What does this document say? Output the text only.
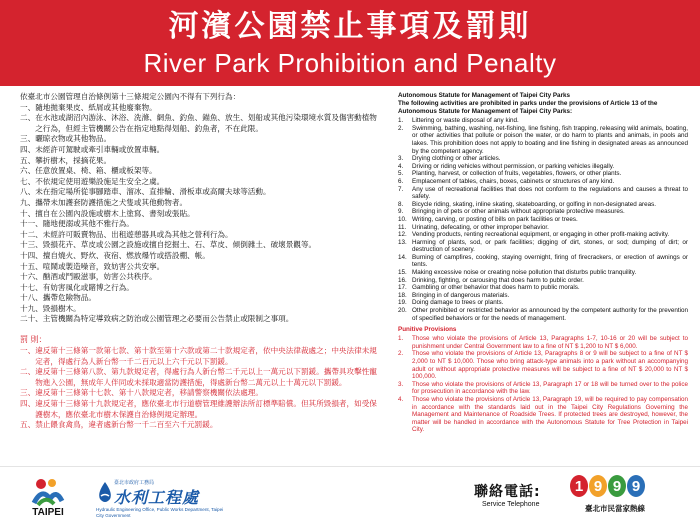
河濱公園禁止事項及罰則
River Park Prohibition and Penalty
依臺北市公園管理自治條例第十三條規定公園內不得有下列行為：
一、 隨地拋棄果皮、紙屑或其他廢棄物。
二、 在水池或湖沼內游泳、沐浴、洗滌、網魚、釣魚、錨魚、放生、划船或其他污染環境水質及傷害動植物之行為，但經主管機關公告在指定地點得划船、釣魚者，不在此限。
三、 曬晾衣物或其他物品。
四、 未經許可駕駛或牽引車輛或放置車輛。
五、 攀折樹木，採摘花果。
六、 任意放置桌、椅、箱、櫃或板架等。
七、 不依規定使用遊樂設施足生安全之虞。
八、 未在指定場所從事腳踏車、溜冰、直排輪、滑板車或高爾夫球等活動。
九、 攜帶未加護套防護措施之犬隻或其他動物者。
十、 擅自在公園內設施或樹木上塗寫、書刻或張貼。
十一、 隨地便溺或其他不雅行為。
十二、 未經許可販賣物品、出租遊憩器具或為其他之營利行為。
十三、 毀損花卉、草皮或公園之設施或擅自挖掘土、石、草皮、傾倒雜土、破壞景觀等。
十四、 擅自燒火、野炊、夜宿、燃放爆竹或搭設棚、帳。
十五、 喧鬧或製造噪音，致妨害公共安寧。
十六、 酗酒或鬥毆滋事，妨害公共秩序。
十七、 有妨害風化或賭博之行為。
十八、 攜帶危險物品。
十九、 毀損樹木。
二十、 主管機關為特定導致病之防治或公園管理之必要而公告禁止或限制之事項。
罰 則：
一、 違反第十三條第一款第七款、第十款至第十六款或第二十款規定者，依中央法律裁處之；中央法律未規定者，得處行為人新台幣一千二百元以上六千元以下罰鍰。
二、 違反第十三條第八款、第九款規定者，得處行為人新台幣二千元以上一萬元以下罰鍰。攜帶具攻擊性寵物進入公園，無成年人伴同或未採取適當防護措施，得處新台幣二萬元以上十萬元以下罰鍰。
三、 違反第十三條第十七款、第十八款規定者，移請警察機關依法處理。
四、 違反第十三條第十九款規定者，應依臺北市行道樹管理維護辦法所訂標準賠償。但其所毀損者，如受保護樹木，應依臺北市樹木保護自治條例規定辦理。
五、 禁止餵食禽鳥，違者處新台幣一千二百至六千元罰鍰。
Autonomous Statute for Management of Taipei City Parks
The following activities are prohibited in parks under the provisions of Article 13 of the Autonomous Statute for Management of Taipei City Parks:
1.	Littering or waste disposal of any kind.
2.	Swimming, bathing, washing, net-fishing, line fishing, fish trapping, releasing wild animals, boating, or other activities that pollute or poison the water, or do harm to plants and animals, in pools and lakes. This prohibition does not apply to boating and line fishing in designated areas as announced by the competent agency.
3.	Drying clothing or other articles.
4.	Driving or riding vehicles without permission, or parking vehicles illegally.
5.	Planting, harvest, or collection of fruits, vegetables, flowers, or other plants.
6.	Emplacement of tables, chairs, boxes, cabinets or structures of any kind.
7.	Any use of recreational facilities that does not conform to the regulations and causes a threat to safety.
8.	Bicycle riding, skating, inline skating, skateboarding, or golfing in non-designated areas.
9.	Bringing in of pets or other animals without appropriate protective measures.
10. Writing, carving, or posting of bills on park facilities or trees.
11. Urinating, defecating, or other improper behavior.
12. Vending products, renting recreational equipment, or engaging in other profit-making activity.
13. Harming of plants, sod, or park facilities; digging of dirt, stones, or sod; dumping of dirt; or destruction of scenery.
14. Burning of campfires, cooking, staying overnight, firing of firecrackers, or erection of awnings or tents.
15. Making excessive noise or creating noise pollution that disturbs public tranquility.
16. Drinking, fighting, or carousing that does harm to public order.
17. Gambling or other behavior that does harm to public morals.
18. Bringing in of dangerous materials.
19. Doing damage to trees or plants.
20. Other prohibited or restricted behavior as announced by the competent authority for the prevention of specified behaviors or for the needs of management.
Punitive Provisions
1.	Those who violate the provisions of Article 13, Paragraphs 1-7, 10-16 or 20 will be subject to punishment under Central Government law to a fine of NT $ 1,200 to NT $ 6,000.
2.	Those who violate the provisions of Article 13, Paragraphs 8 or 9 will be subject to a fine of NT $ 2,000 to NT $ 10,000. Those who bring attack-type animals into a park without an accompanying adult or without appropriate protective measures will be subject to a fine of NT $ 20,000 to NT $ 100,000.
3.	Those who violate the provisions of Article 13, Paragraph 17 or 18 will be turned over to the police for prosecution in accordance with the law.
4.	Those who violate the provisions of Article 13, Paragraph 19, will be required to pay compensation in accordance with the standards laid out in the Taipei City Regulations Governing the Management and Maintenance of Roadside Trees. If protected trees are destroyed, however, the matter will be handled in accordance with the Autonomous Statute for Tree Protection in Taipei City.
TAIPEI
臺北市政府工務局
水利工程處
Hydraulic Engineering Office, Public Works Department, Taipei City Government
聯絡電話:
Service Telephone
1 9 9 9
臺北市民當家熱線
